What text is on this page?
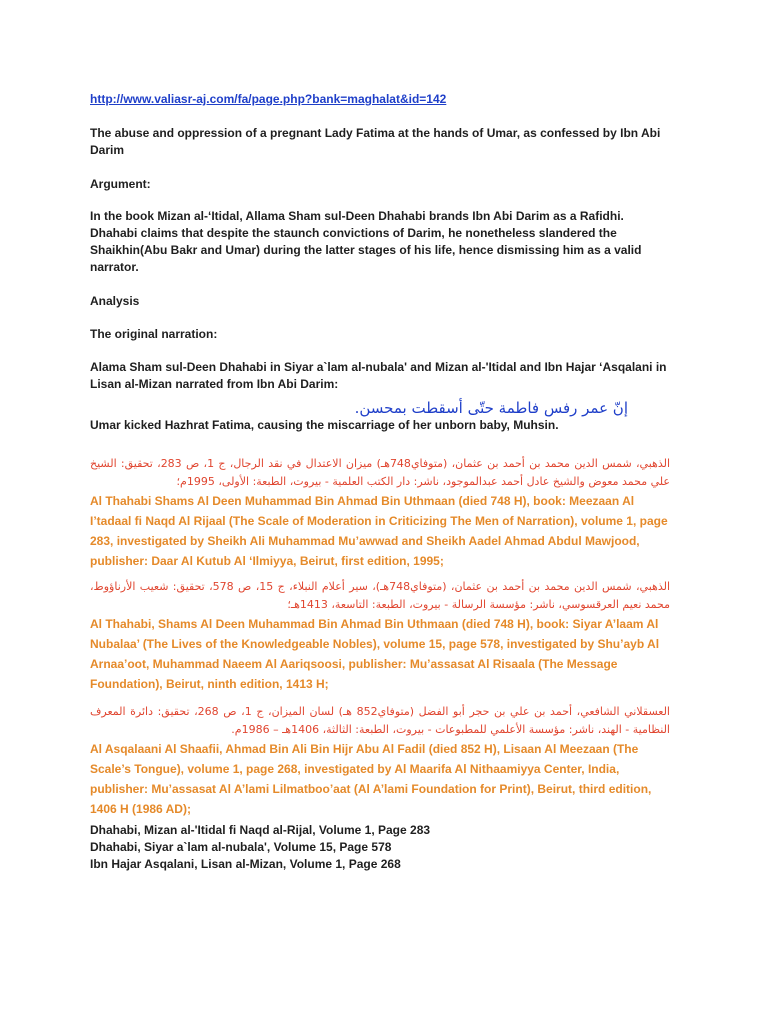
http://www.valiasr-aj.com/fa/page.php?bank=maghalat&id=142

The abuse and oppression of a pregnant Lady Fatima at the hands of Umar, as confessed by Ibn Abi Darim

Argument:

In the book Mizan al-‘Itidal, Allama Sham sul-Deen Dhahabi brands Ibn Abi Darim as a Rafidhi. Dhahabi claims that despite the staunch convictions of Darim, he nonetheless slandered the Shaikhin(Abu Bakr and Umar) during the latter stages of his life, hence dismissing him as a valid narrator.

Analysis

The original narration:

Alama Sham sul-Deen Dhahabi in Siyar a`lam al-nubala' and Mizan al-'Itidal and Ibn Hajar ‘Asqalani in Lisan al-Mizan narrated from Ibn Abi Darim:

إنّ عمر رفس فاطمة حتّى أسقطت بمحسن.

Umar kicked Hazhrat Fatima, causing the miscarriage of her unborn baby, Muhsin.

الذهبي، شمس الدين محمد بن أحمد بن عثمان، (متوفاي748هـ) ميزان الاعتدال في نقد الرجال، ج 1، ص 283، تحقيق: الشيخ علي محمد معوض والشيخ عادل أحمد عبدالموجود، ناشر: دار الكتب العلمية - بيروت، الطبعة: الأولى، 1995م؛

Al Thahabi Shams Al Deen Muhammad Bin Ahmad Bin Uthmaan (died 748 H), book: Meezaan Al I’tadaal fi Naqd Al Rijaal (The Scale of Moderation in Criticizing The Men of Narration), volume 1, page 283, investigated by Sheikh Ali Muhammad Mu’awwad and Sheikh Aadel Ahmad Abdul Mawjood, publisher: Daar Al Kutub Al ‘Ilmiyya, Beirut, first edition, 1995;

الذهبي، شمس الدين محمد بن أحمد بن عثمان، (متوفاي748هـ)، سير أعلام النبلاء، ج 15، ص 578، تحقيق: شعيب الأرناؤوط، محمد نعيم العرقسوسي، ناشر: مؤسسة الرسالة - بيروت، الطبعة: التاسعة، 1413هـ؛

Al Thahabi, Shams Al Deen Muhammad Bin Ahmad Bin Uthmaan (died 748 H), book: Siyar A’laam Al Nubalaa’ (The Lives of the Knowledgeable Nobles), volume 15, page 578, investigated by Shu’ayb Al Arnaa’oot, Muhammad Naeem Al Aariqsoosi, publisher: Mu’assasat Al Risaala (The Message Foundation), Beirut, ninth edition, 1413 H;

العسقلاني الشافعي، أحمد بن علي بن حجر أبو الفضل (متوفاي852 هـ) لسان الميزان، ج 1، ص 268، تحقيق: دائرة المعرف النظامية - الهند، ناشر: مؤسسة الأعلمي للمطبوعات - بيروت، الطبعة: الثالثة، 1406هـ – 1986م.

Al Asqalaani Al Shaafii, Ahmad Bin Ali Bin Hijr Abu Al Fadil (died 852 H), Lisaan Al Meezaan (The Scale’s Tongue), volume 1, page 268, investigated by Al Maarifa Al Nithaamiyya Center, India, publisher: Mu’assasat Al A’lami Lilmatboo’aat (Al A’lami Foundation for Print), Beirut, third edition, 1406 H (1986 AD);

Dhahabi, Mizan al-'Itidal fi Naqd al-Rijal, Volume 1, Page 283

Dhahabi, Siyar a`lam al-nubala', Volume 15, Page 578

Ibn Hajar Asqalani, Lisan al-Mizan, Volume 1, Page 268
